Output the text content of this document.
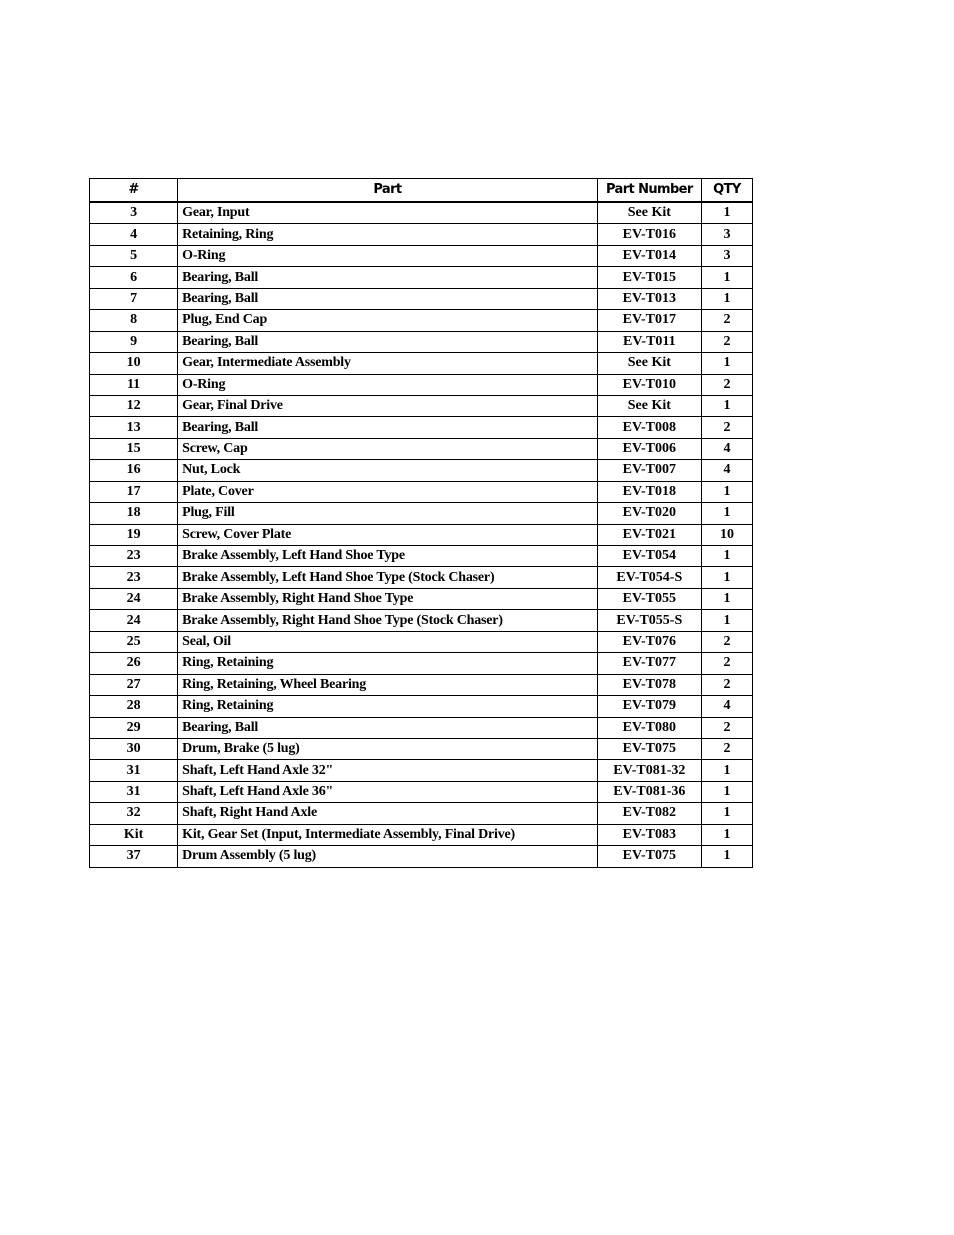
#	Part	Part Number	QTY
3	Gear, Input	See Kit	1
4	Retaining, Ring	EV-T016	3
5	O-Ring	EV-T014	3
6	Bearing, Ball	EV-T015	1
7	Bearing, Ball	EV-T013	1
8	Plug, End Cap	EV-T017	2
9	Bearing, Ball	EV-T011	2
10	Gear, Intermediate Assembly	See Kit	1
11	O-Ring	EV-T010	2
12	Gear, Final Drive	See Kit	1
13	Bearing, Ball	EV-T008	2
15	Screw, Cap	EV-T006	4
16	Nut, Lock	EV-T007	4
17	Plate, Cover	EV-T018	1
18	Plug, Fill	EV-T020	1
19	Screw, Cover Plate	EV-T021	10
23	Brake Assembly, Left Hand Shoe Type	EV-T054	1
23	Brake Assembly, Left Hand Shoe Type (Stock Chaser)	EV-T054-S	1
24	Brake Assembly, Right Hand Shoe Type	EV-T055	1
24	Brake Assembly, Right Hand Shoe Type (Stock Chaser)	EV-T055-S	1
25	Seal, Oil	EV-T076	2
26	Ring, Retaining	EV-T077	2
27	Ring, Retaining, Wheel Bearing	EV-T078	2
28	Ring, Retaining	EV-T079	4
29	Bearing, Ball	EV-T080	2
30	Drum, Brake (5 lug)	EV-T075	2
31	Shaft, Left Hand Axle 32"	EV-T081-32	1
31	Shaft, Left Hand Axle 36"	EV-T081-36	1
32	Shaft, Right Hand Axle	EV-T082	1
Kit	Kit, Gear Set (Input, Intermediate Assembly, Final Drive)	EV-T083	1
37	Drum Assembly (5 lug)	EV-T075	1
